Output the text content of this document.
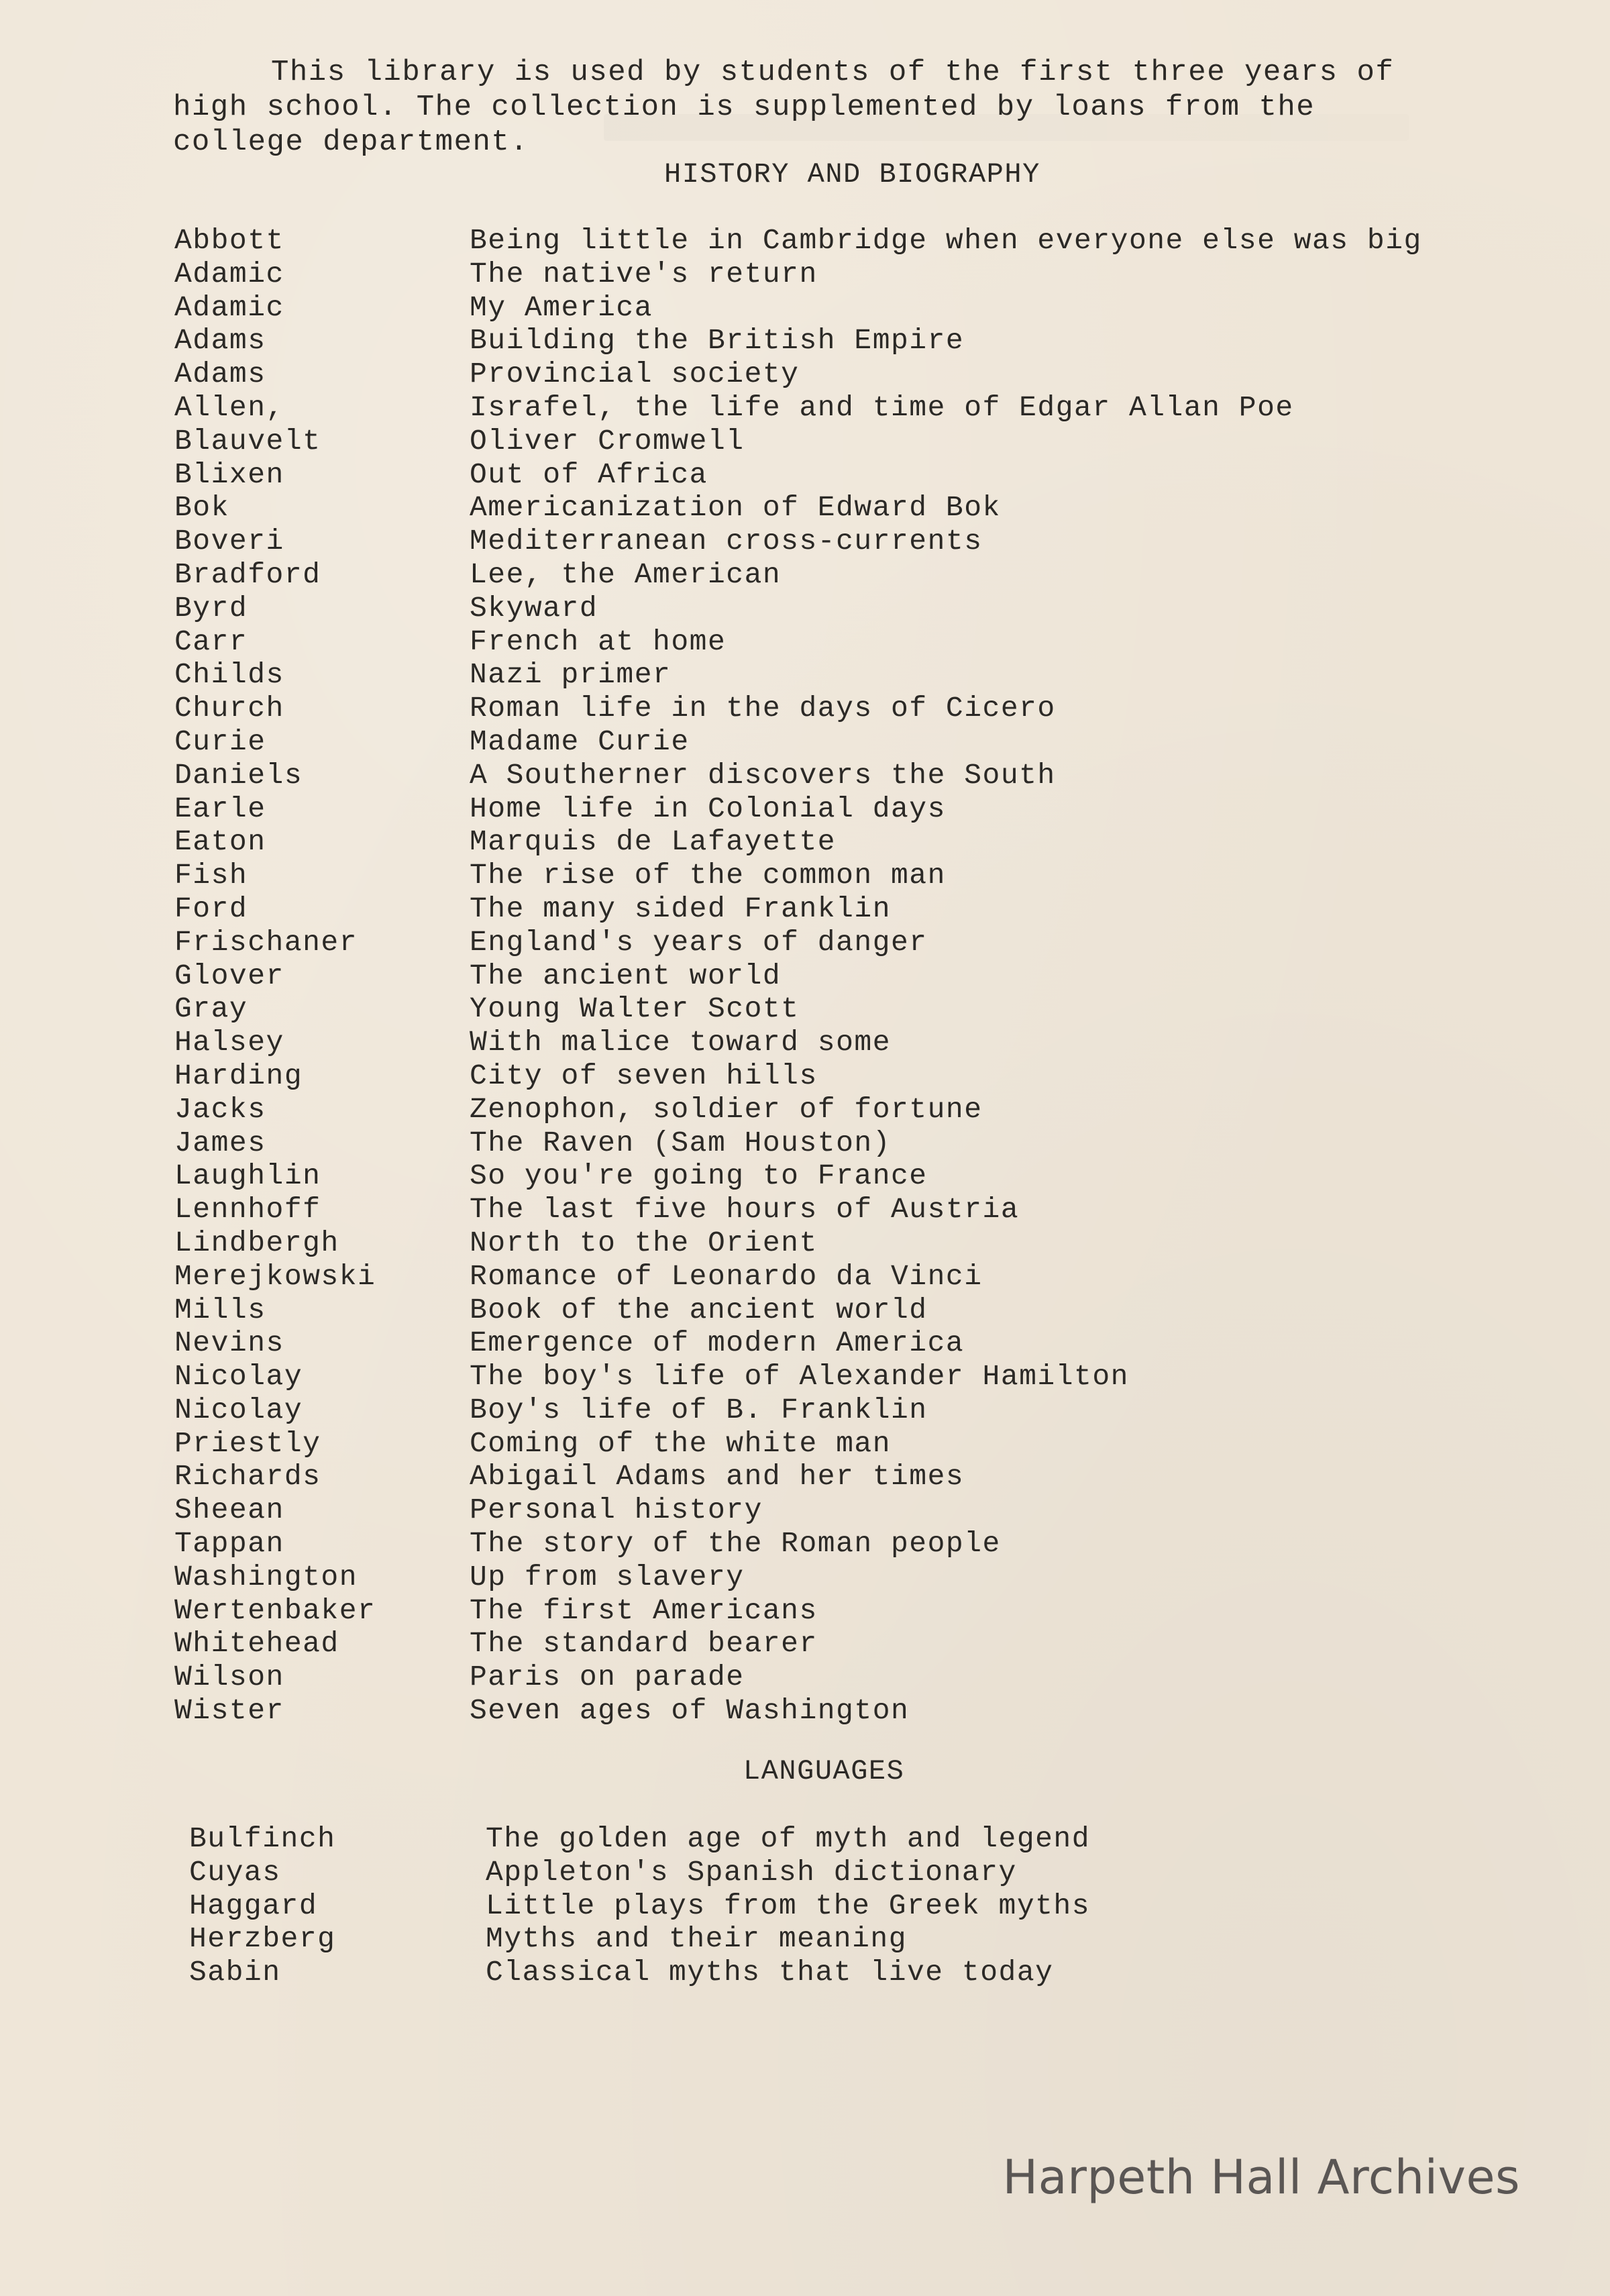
This library is used by students of the first three years of
high school. The collection is supplemented by loans from the
college department.

HISTORY AND BIOGRAPHY
Abbott	Being little in Cambridge when everyone else was big
Adamic	The native's return
Adamic	My America
Adams	Building the British Empire
Adams	Provincial society
Allen,	Israfel, the life and time of Edgar Allan Poe
Blauvelt	Oliver Cromwell
Blixen	Out of Africa
Bok	Americanization of Edward Bok
Boveri	Mediterranean cross-currents
Bradford	Lee, the American
Byrd	Skyward
Carr	French at home
Childs	Nazi primer
Church	Roman life in the days of Cicero
Curie	Madame Curie
Daniels	A Southerner discovers the South
Earle	Home life in Colonial days
Eaton	Marquis de Lafayette
Fish	The rise of the common man
Ford	The many sided Franklin
Frischaner	England's years of danger
Glover	The ancient world
Gray	Young Walter Scott
Halsey	With malice toward some
Harding	City of seven hills
Jacks	Zenophon, soldier of fortune
James	The Raven (Sam Houston)
Laughlin	So you're going to France
Lennhoff	The last five hours of Austria
Lindbergh	North to the Orient
Merejkowski	Romance of Leonardo da Vinci
Mills	Book of the ancient world
Nevins	Emergence of modern America
Nicolay	The boy's life of Alexander Hamilton
Nicolay	Boy's life of B. Franklin
Priestly	Coming of the white man
Richards	Abigail Adams and her times
Sheean	Personal history
Tappan	The story of the Roman people
Washington	Up from slavery
Wertenbaker	The first Americans
Whitehead	The standard bearer
Wilson	Paris on parade
Wister	Seven ages of Washington
LANGUAGES
Bulfinch	The golden age of myth and legend
Cuyas	Appleton's Spanish dictionary
Haggard	Little plays from the Greek myths
Herzberg	Myths and their meaning
Sabin	Classical myths that live today
Harpeth Hall Archives
